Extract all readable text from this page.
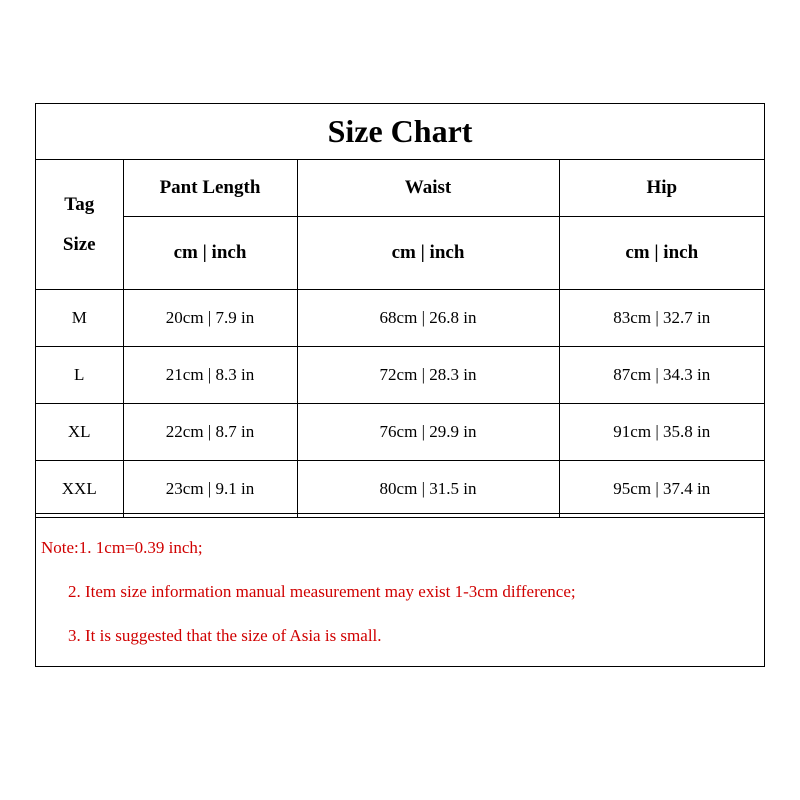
Size Chart
Tag
Size	Pant Length	Waist	Hip
	cm | inch	cm | inch	cm | inch
M	20cm | 7.9 in	68cm | 26.8 in	83cm | 32.7 in
L	21cm | 8.3 in	72cm | 28.3 in	87cm | 34.3 in
XL	22cm | 8.7 in	76cm | 29.9 in	91cm | 35.8 in
XXL	23cm | 9.1 in	80cm | 31.5 in	95cm | 37.4 in
Note:1. 1cm=0.39 inch;
2. Item size information manual measurement may exist 1-3cm difference;
3. It is suggested that the size of Asia is small.
